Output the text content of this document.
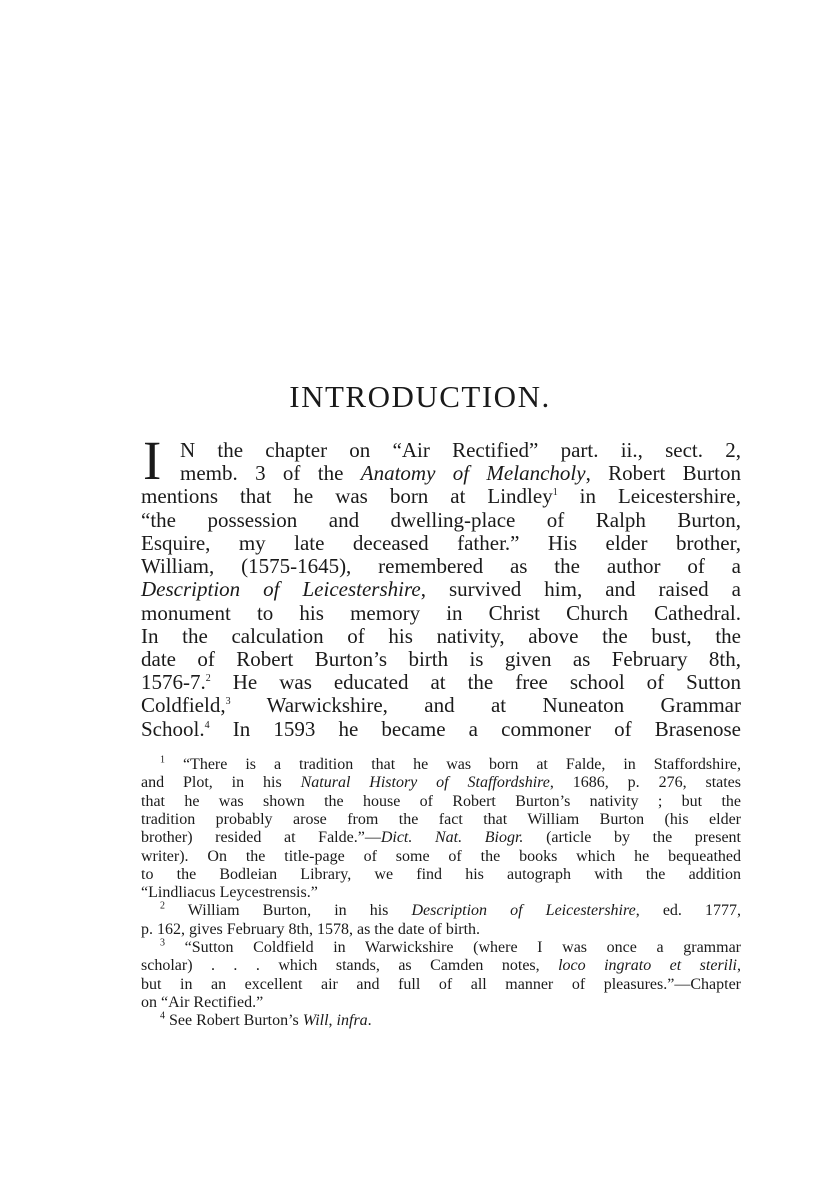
INTRODUCTION.
I N the chapter on “Air Rectified” part. ii., sect. 2,
memb. 3 of the Anatomy of Melancholy, Robert Burton
mentions that he was born at Lindley$^1$ in Leicestershire,
“the possession and dwelling-place of Ralph Burton,
Esquire, my late deceased father.” His elder brother,
William, (1575-1645), remembered as the author of a
Description of Leicestershire, survived him, and raised a
monument to his memory in Christ Church Cathedral.
In the calculation of his nativity, above the bust, the
date of Robert Burton’s birth is given as February 8th,
1576-7.$^2$ He was educated at the free school of Sutton
Coldfield,$^3$ Warwickshire, and at Nuneaton Grammar
School.$^4$ In 1593 he became a commoner of Brasenose
$^1$ “There is a tradition that he was born at Falde, in Staffordshire,
and Plot, in his Natural History of Staffordshire, 1686, p. 276, states
that he was shown the house of Robert Burton’s nativity ; but the
tradition probably arose from the fact that William Burton (his elder
brother) resided at Falde.”—Dict. Nat. Biogr. (article by the present
writer). On the title-page of some of the books which he bequeathed
to the Bodleian Library, we find his autograph with the addition
“Lindliacus Leycestrensis.”
$^2$ William Burton, in his Description of Leicestershire, ed. 1777,
p. 162, gives February 8th, 1578, as the date of birth.
$^3$ “Sutton Coldfield in Warwickshire (where I was once a grammar
scholar) . . . which stands, as Camden notes, loco ingrato et sterili,
but in an excellent air and full of all manner of pleasures.”—Chapter
on “Air Rectified.”
$^4$ See Robert Burton’s Will, infra.
